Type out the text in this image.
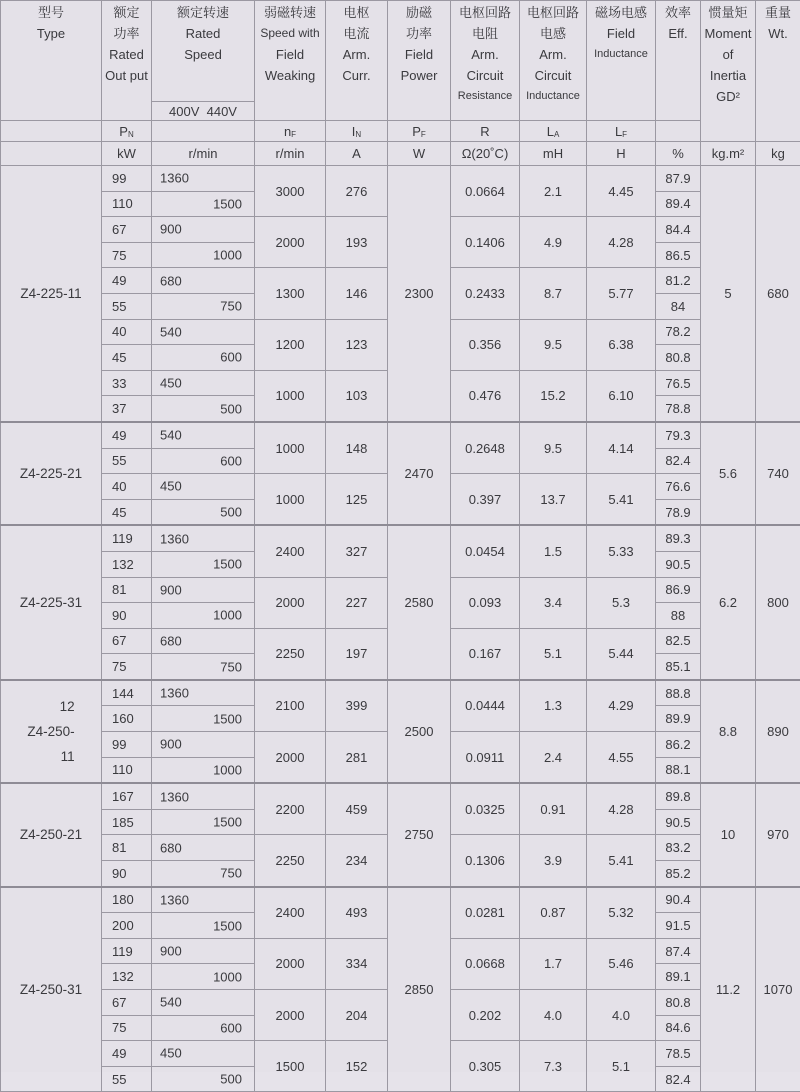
型号
Type	额定
功率
Rated
Out put	额定转速
Rated
Speed	弱磁转速
Speed with
Field
Weaking	电枢
电流
Arm.
Curr.	励磁
功率
Field
Power	电枢回路
电阻
Arm.
Circuit
Resistance	电枢回路
电感
Arm.
Circuit
Inductance	磁场电感
Field
Inductance	效率
Eff.	惯量矩
Moment
of
Inertia
GD²	重量
Wt.

		400V 440V									
	$P_N$		$n_F$	$I_N$	$P_F$	R	$L_A$	$L_F$	
	kW	r/min	r/min	A	W	Ω(20˚C)	mH	H	%	kg.m²	kg
Z4-225-11	99	1360	3000	276	2300	0.0664	2.1	4.45	87.9	5	680
	110	1500							89.4		
	67	900	2000	193		0.1406	4.9	4.28	84.4		
	75	1000							86.5		
	49	680	1300	146		0.2433	8.7	5.77	81.2		
	55	750							84		
	40	540	1200	123		0.356	9.5	6.38	78.2		
	45	600							80.8		
	33	450	1000	103		0.476	15.2	6.10	76.5		
	37	500							78.8		
Z4-225-21	49	540	1000	148	2470	0.2648	9.5	4.14	79.3	5.6	740
	55	600							82.4		
	40	450	1000	125		0.397	13.7	5.41	76.6		
	45	500							78.9		
Z4-225-31	119	1360	2400	327	2580	0.0454	1.5	5.33	89.3	6.2	800
	132	1500							90.5		
	81	900	2000	227		0.093	3.4	5.3	86.9		
	90	1000							88		
	67	680	2250	197		0.167	5.1	5.44	82.5		
	75	750							85.1		

12
Z4-250-
11	144	1360	2100	399	2500	0.0444	1.3	4.29	88.8	8.8	890
	160	1500							89.9		
	99	900	2000	281		0.0911	2.4	4.55	86.2		
	110	1000							88.1		
Z4-250-21	167	1360	2200	459	2750	0.0325	0.91	4.28	89.8	10	970
	185	1500							90.5		
	81	680	2250	234		0.1306	3.9	5.41	83.2		
	90	750							85.2		
Z4-250-31	180	1360	2400	493	2850	0.0281	0.87	5.32	90.4	11.2	1070
	200	1500							91.5		
	119	900	2000	334		0.0668	1.7	5.46	87.4		
	132	1000							89.1		
	67	540	2000	204		0.202	4.0	4.0	80.8		
	75	600							84.6		
	49	450	1500	152		0.305	7.3	5.1	78.5		
	55	500							82.4		
